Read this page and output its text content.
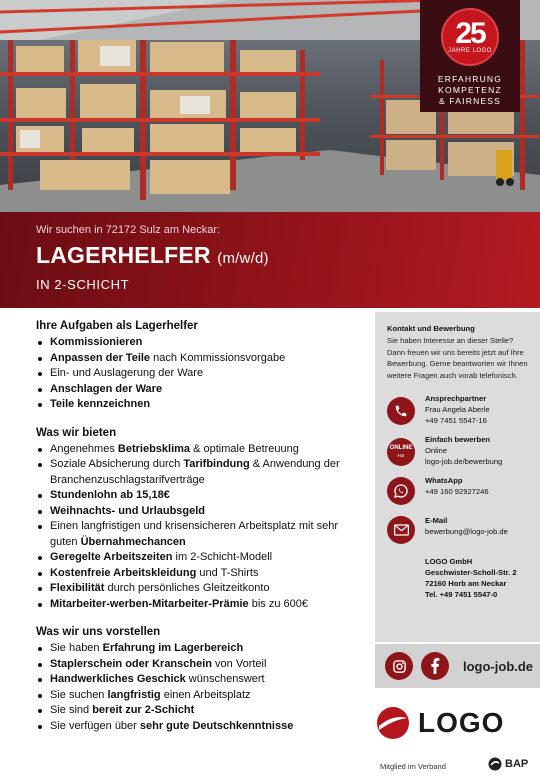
25
JAHRE LOGO
ERFAHRUNG
KOMPETENZ
& FAIRNESS
Wir suchen in 72172 Sulz am Neckar:
LAGERHELFER (m/w/d)
IN 2-SCHICHT
Ihre Aufgaben als Lagerhelfer
Kommissionieren
Anpassen der Teile nach Kommissionsvorgabe
Ein- und Auslagerung der Ware
Anschlagen der Ware
Teile kennzeichnen
Was wir bieten
Angenehmes Betriebsklima & optimale Betreuung
Soziale Absicherung durch Tarifbindung & Anwendung der Branchenzuschlagstarifverträge
Stundenlohn ab 15,18€
Weihnachts- und Urlaubsgeld
Einen langfristigen und krisensicheren Arbeitsplatz mit sehr guten Übernahmechancen
Geregelte Arbeitszeiten im 2-Schicht-Modell
Kostenfreie Arbeitskleidung und T-Shirts
Flexibilität durch persönliches Gleitzeitkonto
Mitarbeiter-werben-Mitarbeiter-Prämie bis zu 600€
Was wir uns vorstellen
Sie haben Erfahrung im Lagerbereich
Staplerschein oder Kranschein von Vorteil
Handwerkliches Geschick wünschenswert
Sie suchen langfristig einen Arbeitsplatz
Sie sind bereit zur 2-Schicht
Sie verfügen über sehr gute Deutschkenntnisse
Kontakt und Bewerbung
Sie haben Interesse an dieser Stelle? Dann freuen wir uns bereits jetzt auf Ihre Bewerbung. Gerne beantworten wir Ihnen weitere Fragen auch vorab telefonisch.
Ansprechpartner
Frau Angela Aberle
+49 7451 5547-16
ONLINE
Hot
Einfach bewerben
Online
logo-job.de/bewerbung
WhatsApp
+49 160 92927246
E-Mail
bewerbung@logo-job.de
LOGO GmbH
Geschwister-Scholl-Str. 2
72160 Horb am Neckar
Tel. +49 7451 5547-0
logo-job.de
LOGO
Mitglied im Verband	BAP
